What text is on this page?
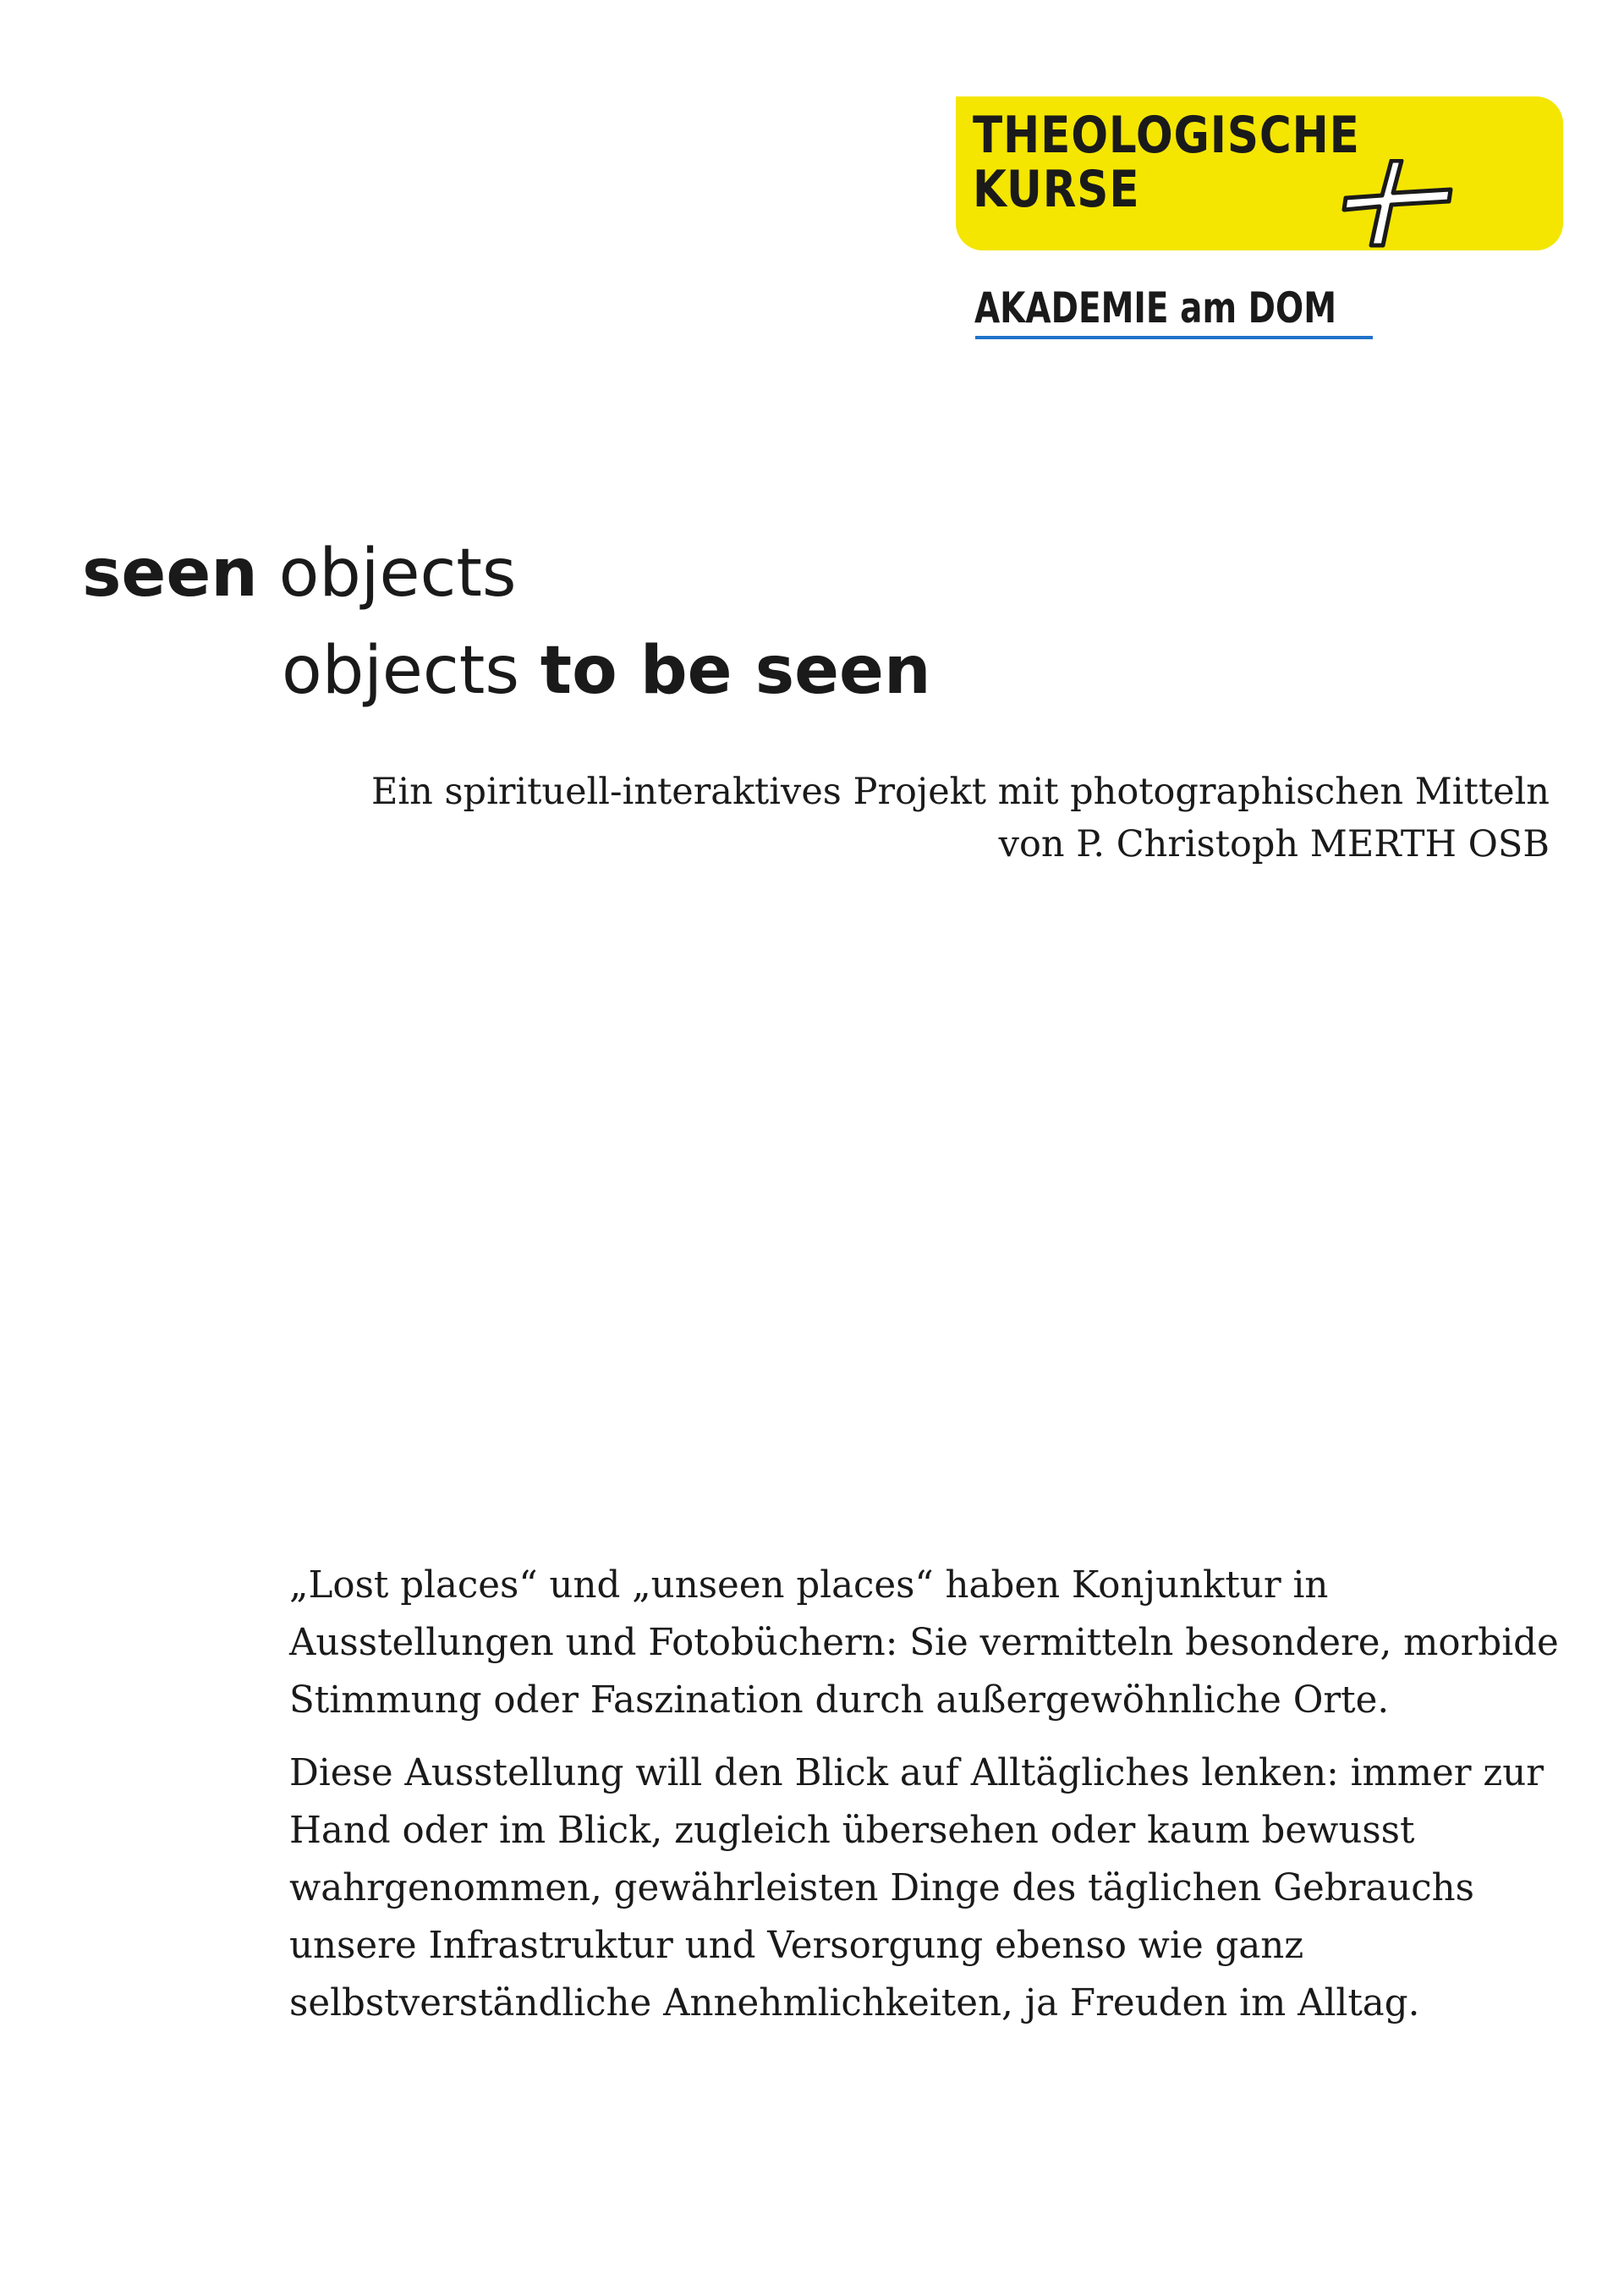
THEOLOGISCHE
KURSE
AKADEMIE am DOM
seen objects
objects to be seen
Ein spirituell-interaktives Projekt mit photographischen Mitteln
von P. Christoph MERTH OSB

„Lost places“ und „unseen places“ haben Konjunktur in Ausstellungen und Fotobüchern: Sie vermitteln besondere, morbide Stimmung oder Faszination durch außergewöhnliche Orte.

Diese Ausstellung will den Blick auf Alltägliches lenken: immer zur Hand oder im Blick, zugleich übersehen oder kaum bewusst wahrgenommen, gewährleisten Dinge des täglichen Gebrauchs unsere Infrastruktur und Versorgung ebenso wie ganz selbstverständliche Annehmlichkeiten, ja Freuden im Alltag.
